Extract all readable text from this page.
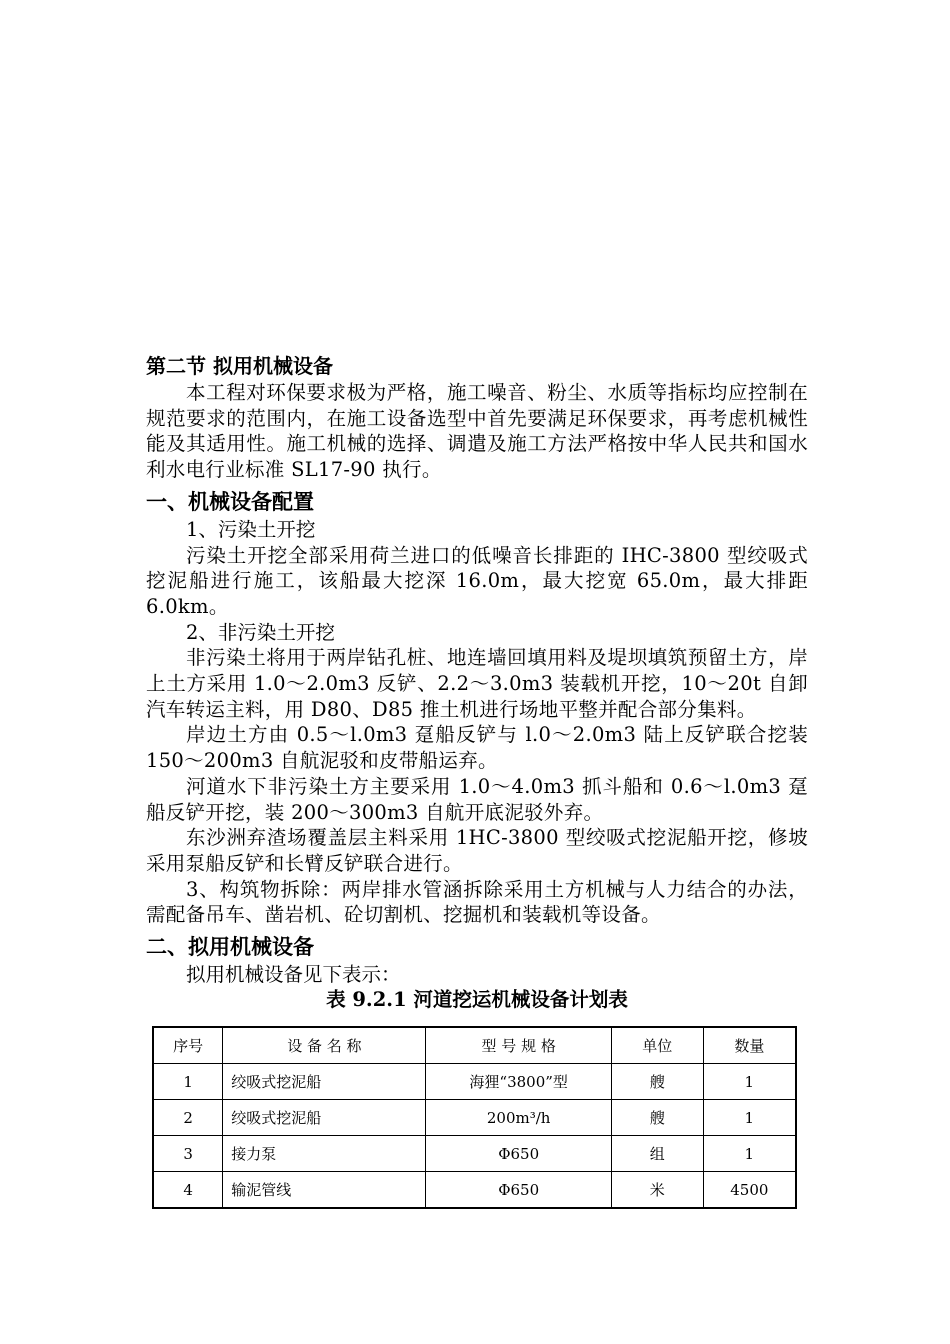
第二节 拟用机械设备

本工程对环保要求极为严格，施工噪音、粉尘、水质等指标均应控制在规范要求的范围内，在施工设备选型中首先要满足环保要求，再考虑机械性能及其适用性。施工机械的选择、调遣及施工方法严格按中华人民共和国水利水电行业标准 SL17-90 执行。

一、机械设备配置

1、污染土开挖

污染土开挖全部采用荷兰进口的低噪音长排距的 IHC-3800 型绞吸式挖泥船进行施工，该船最大挖深 16.0m，最大挖宽 65.0m，最大排距 6.0km。

2、非污染土开挖

非污染土将用于两岸钻孔桩、地连墙回填用料及堤坝填筑预留土方，岸上土方采用 1.0～2.0m3 反铲、2.2～3.0m3 装载机开挖，10～20t 自卸汽车转运主料，用 D80、D85 推土机进行场地平整并配合部分集料。

岸边土方由 0.5～l.0m3 趸船反铲与 l.0～2.0m3 陆上反铲联合挖装 150～200m3 自航泥驳和皮带船运弃。

河道水下非污染土方主要采用 1.0～4.0m3 抓斗船和 0.6～l.0m3 趸船反铲开挖，装 200～300m3 自航开底泥驳外弃。

东沙洲弃渣场覆盖层主料采用 1HC-3800 型绞吸式挖泥船开挖，修坡采用泵船反铲和长臂反铲联合进行。

3、构筑物拆除：两岸排水管涵拆除采用土方机械与人力结合的办法，需配备吊车、凿岩机、砼切割机、挖掘机和装载机等设备。

二、拟用机械设备

拟用机械设备见下表示：

表 9.2.1 河道挖运机械设备计划表

序号	设 备 名 称	型 号 规 格	单位	数量
1	绞吸式挖泥船	海狸“3800”型	艘	1
2	绞吸式挖泥船	200m³/h	艘	1
3	接力泵	Φ650	组	1
4	输泥管线	Φ650	米	4500
